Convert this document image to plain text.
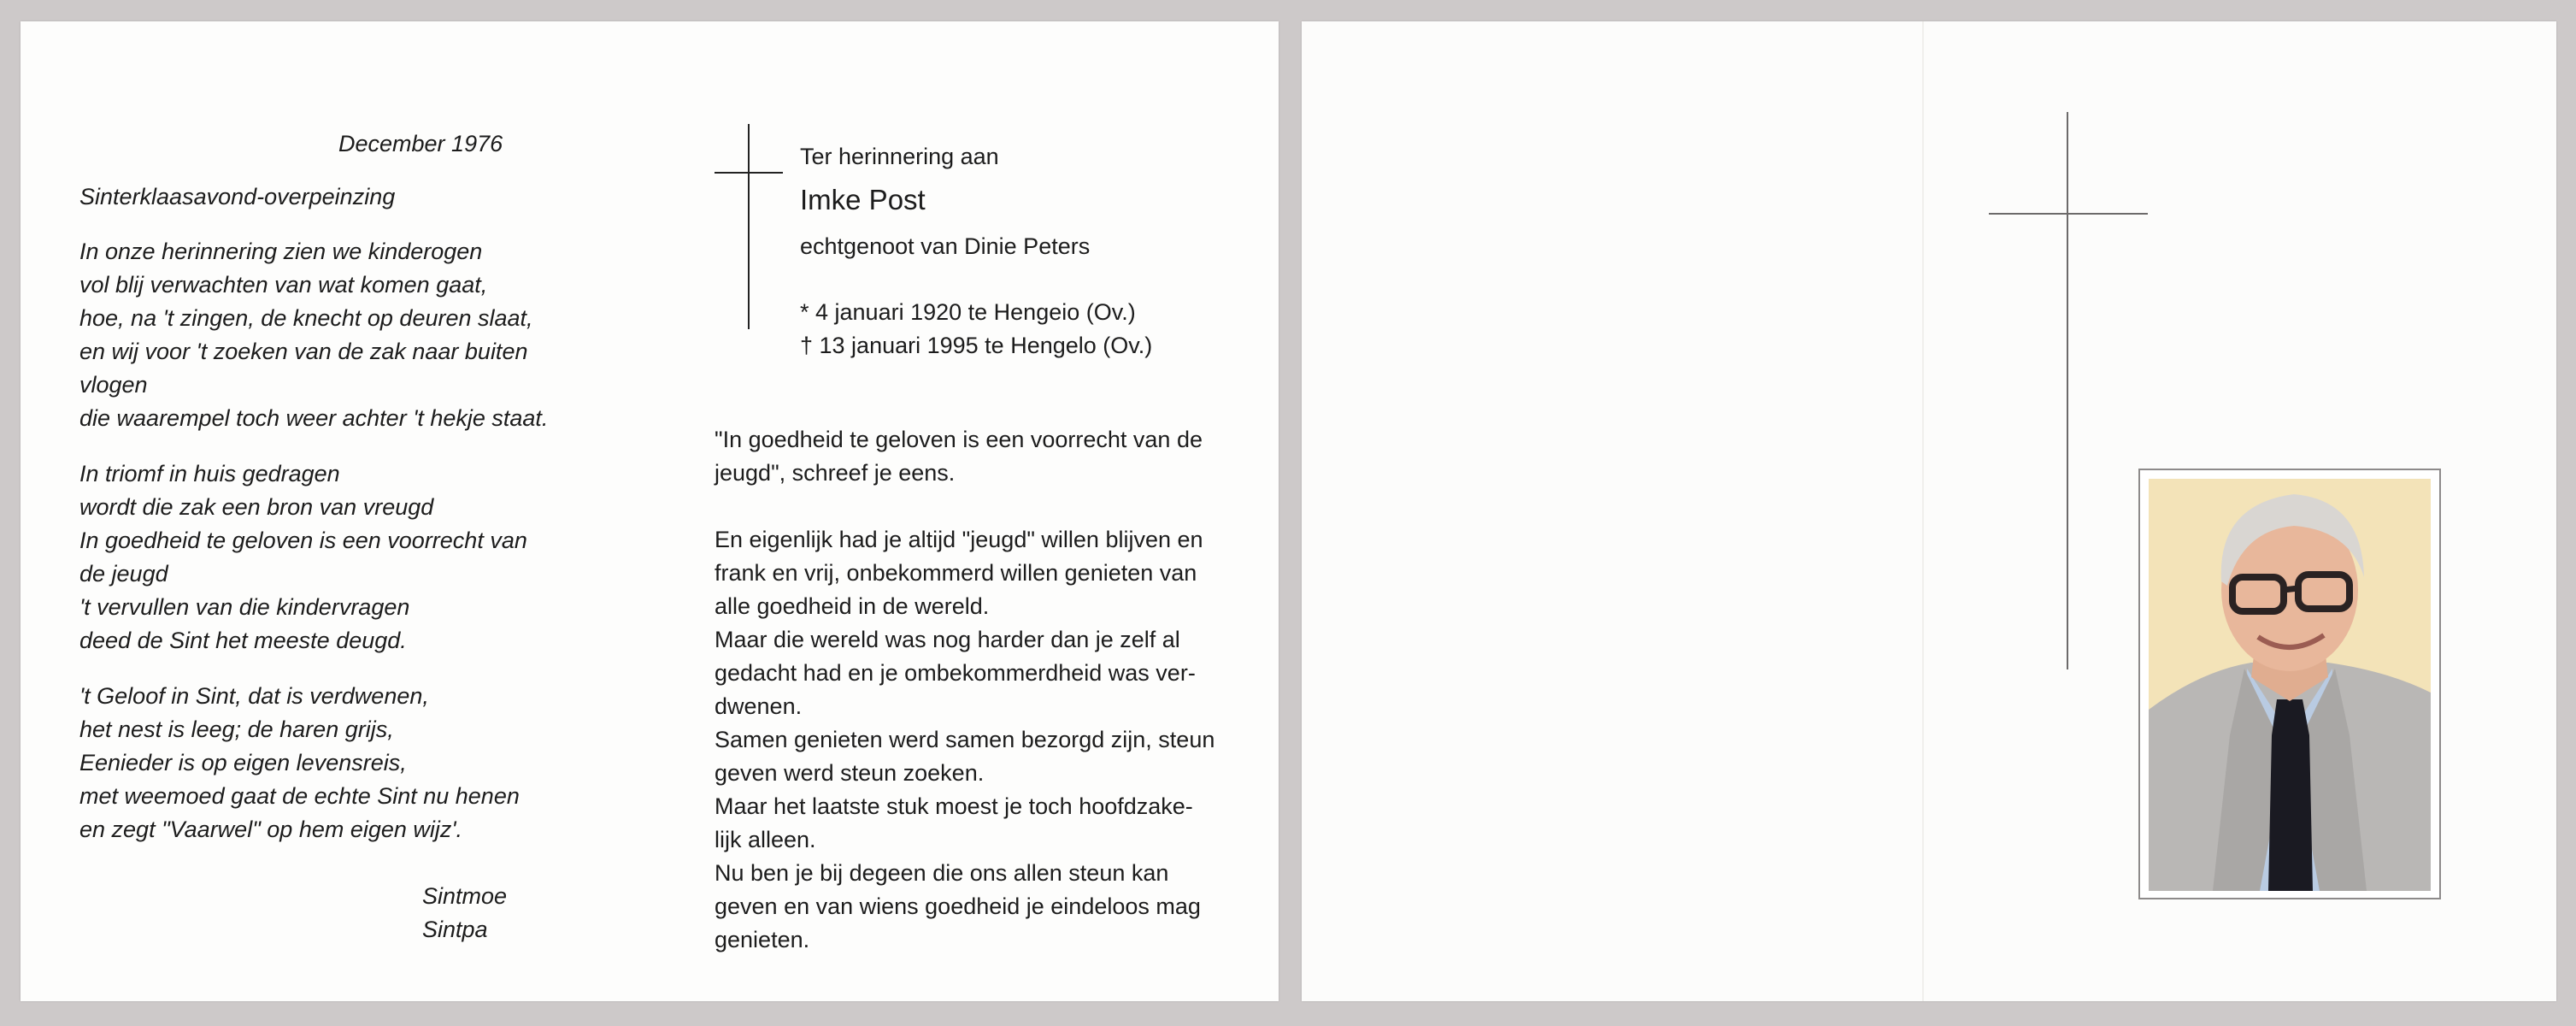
December 1976
Sinterklaasavond-overpeinzing
In onze herinnering zien we kinderogen
vol blij verwachten van wat komen gaat,
hoe, na 't zingen, de knecht op deuren slaat,
en wij voor 't zoeken van de zak naar buiten
vlogen
die waarempel toch weer achter 't hekje staat.
In triomf in huis gedragen
wordt die zak een bron van vreugd
In goedheid te geloven is een voorrecht van
de jeugd
't vervullen van die kindervragen
deed de Sint het meeste deugd.
't Geloof in Sint, dat is verdwenen,
het nest is leeg; de haren grijs,
Eenieder is op eigen levensreis,
met weemoed gaat de echte Sint nu henen
en zegt "Vaarwel" op hem eigen wijz'.
Sintmoe
Sintpa
Ter herinnering aan
Imke Post
echtgenoot van Dinie Peters
* 4 januari 1920 te Hengeio (Ov.)
† 13 januari 1995 te Hengelo (Ov.)
"In goedheid te geloven is een voorrecht van de
jeugd", schreef je eens.
En eigenlijk had je altijd "jeugd" willen blijven en
frank en vrij, onbekommerd willen genieten van
alle goedheid in de wereld.
Maar die wereld was nog harder dan je zelf al
gedacht had en je ombekommerdheid was ver-
dwenen.
Samen genieten werd samen bezorgd zijn, steun
geven werd steun zoeken.
Maar het laatste stuk moest je toch hoofdzake-
lijk alleen.
Nu ben je bij degeen die ons allen steun kan
geven en van wiens goedheid je eindeloos mag
genieten.
